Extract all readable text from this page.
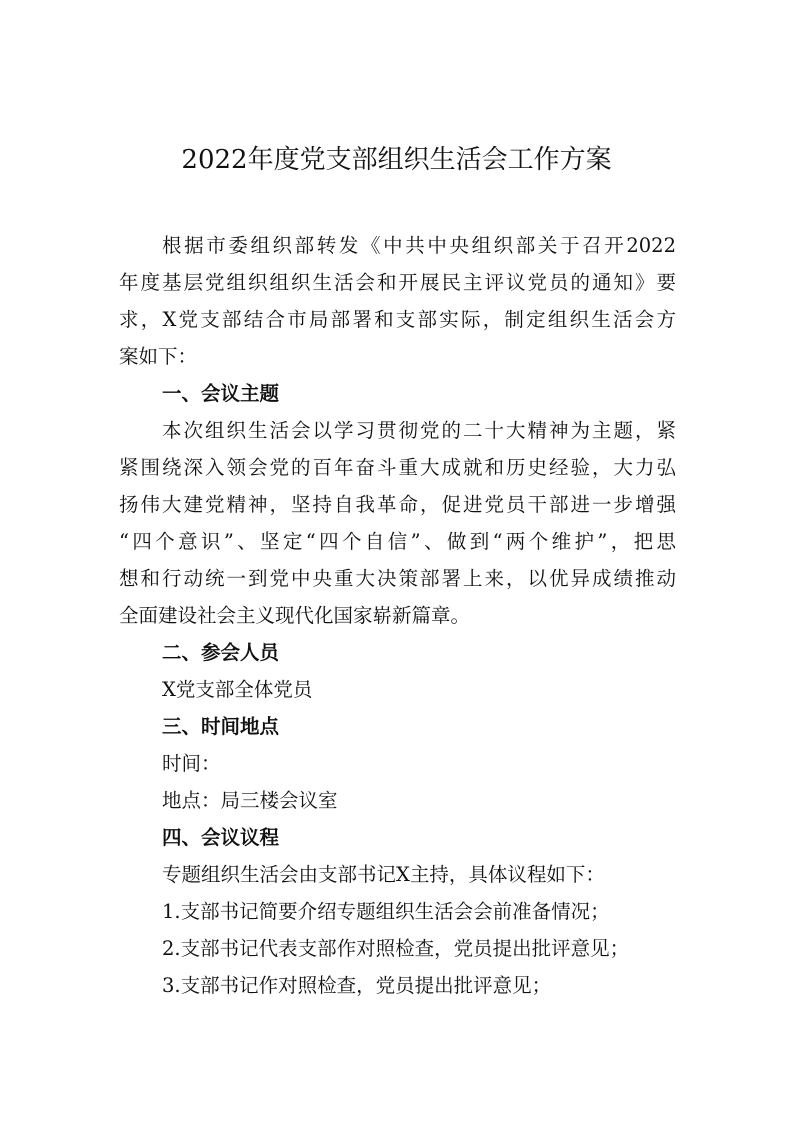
2022年度党支部组织生活会工作方案
根据市委组织部转发《中共中央组织部关于召开2022
年度基层党组织组织生活会和开展民主评议党员的通知》要
求，X党支部结合市局部署和支部实际，制定组织生活会方
案如下：
一、会议主题
本次组织生活会以学习贯彻党的二十大精神为主题，紧
紧围绕深入领会党的百年奋斗重大成就和历史经验，大力弘
扬伟大建党精神，坚持自我革命，促进党员干部进一步增强
“四个意识”、坚定“四个自信”、做到“两个维护”，把思
想和行动统一到党中央重大决策部署上来，以优异成绩推动
全面建设社会主义现代化国家崭新篇章。
二、参会人员
X党支部全体党员
三、时间地点
时间：
地点：局三楼会议室
四、会议议程
专题组织生活会由支部书记X主持，具体议程如下：
1.支部书记简要介绍专题组织生活会会前准备情况；
2.支部书记代表支部作对照检查，党员提出批评意见；
3.支部书记作对照检查，党员提出批评意见；
